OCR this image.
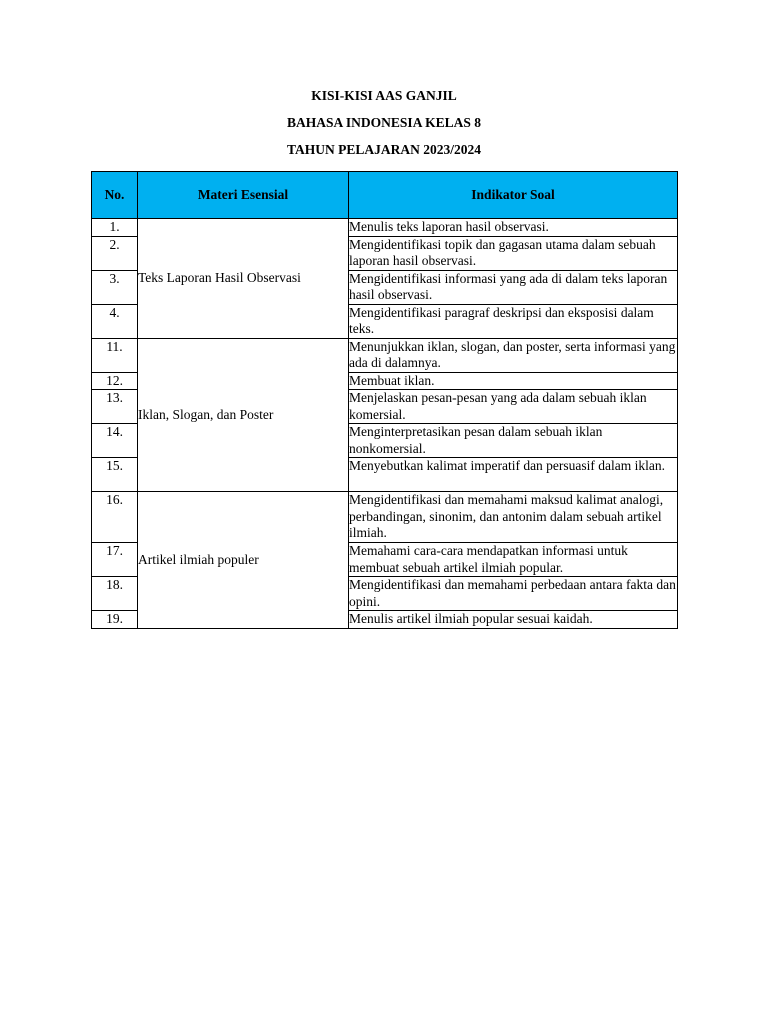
KISI-KISI AAS GANJIL
BAHASA INDONESIA KELAS 8
TAHUN PELAJARAN 2023/2024
No.	Materi Esensial	Indikator Soal
1.	Teks Laporan Hasil Observasi	Menulis teks laporan hasil observasi.
2.		Mengidentifikasi topik dan gagasan utama dalam sebuah laporan hasil observasi.
3.		Mengidentifikasi informasi yang ada di dalam teks laporan hasil observasi.
4.		Mengidentifikasi paragraf deskripsi dan eksposisi dalam teks.
11.	Iklan, Slogan, dan Poster	Menunjukkan iklan, slogan, dan poster, serta informasi yang ada di dalamnya.
12.		Membuat iklan.
13.		Menjelaskan pesan-pesan yang ada dalam sebuah iklan komersial.
14.		Menginterpretasikan pesan dalam sebuah iklan nonkomersial.
15.		Menyebutkan kalimat imperatif dan persuasif dalam iklan.
16.	Artikel ilmiah populer	Mengidentifikasi dan memahami maksud kalimat analogi, perbandingan, sinonim, dan antonim dalam sebuah artikel ilmiah.
17.		Memahami cara-cara mendapatkan informasi untuk membuat sebuah artikel ilmiah popular.
18.		Mengidentifikasi dan memahami perbedaan antara fakta dan opini.
19.		Menulis artikel ilmiah popular sesuai kaidah.
